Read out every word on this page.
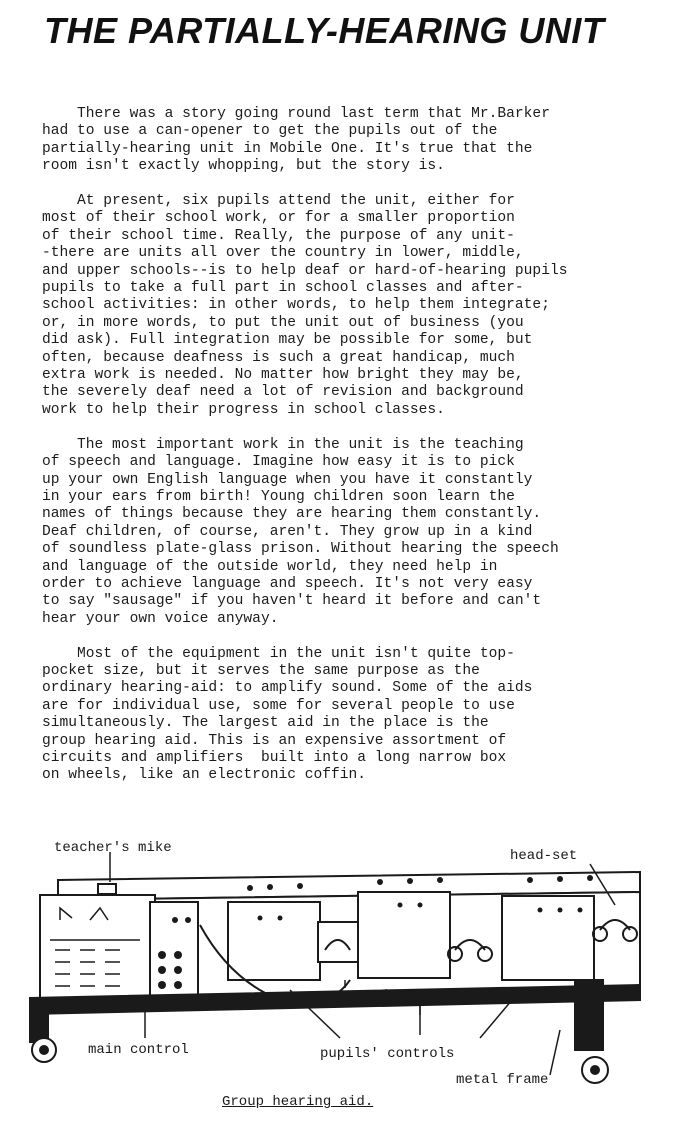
THE PARTIALLY-HEARING UNIT

There was a story going round last term that Mr.Barker
had to use a can-opener to get the pupils out of the
partially-hearing unit in Mobile One. It's true that the
room isn't exactly whopping, but the story is.

At present, six pupils attend the unit, either for
most of their school work, or for a smaller proportion
of their school time. Really, the purpose of any unit-
-there are units all over the country in lower, middle,
and upper schools--is to help deaf or hard-of-hearing pupils
pupils to take a full part in school classes and after-
school activities: in other words, to help them integrate;
or, in more words, to put the unit out of business (you
did ask). Full integration may be possible for some, but
often, because deafness is such a great handicap, much
extra work is needed. No matter how bright they may be,
the severely deaf need a lot of revision and background
work to help their progress in school classes.

The most important work in the unit is the teaching
of speech and language. Imagine how easy it is to pick
up your own English language when you have it constantly
in your ears from birth! Young children soon learn the
names of things because they are hearing them constantly.
Deaf children, of course, aren't. They grow up in a kind
of soundless plate-glass prison. Without hearing the speech
and language of the outside world, they need help in
order to achieve language and speech. It's not very easy
to say "sausage" if you haven't heard it before and can't
hear your own voice anyway.

Most of the equipment in the unit isn't quite top-
pocket size, but it serves the same purpose as the
ordinary hearing-aid: to amplify sound. Some of the aids
are for individual use, some for several people to use
simultaneously. The largest aid in the place is the
group hearing aid. This is an expensive assortment of
circuits and amplifiers  built into a long narrow box
on wheels, like an electronic coffin.

teacher's mike	head-set
sound-meter
main control	pupils' controls
metal frame
Group hearing aid.
